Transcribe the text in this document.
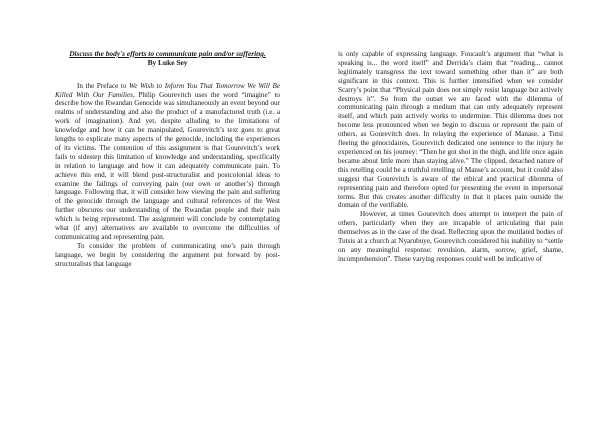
Discuss the body's efforts to communicate pain and/or suffering.
By Luke Sey

In the Preface to We Wish to Inform You That Tomorrow We Will Be Killed With Our Families, Philip Gourevitch uses the word “imagine” to describe how the Rwandan Genocide was simultaneously an event beyond our realms of understanding and also the product of a manufactured truth (i.e. a work of imagination). And yet, despite alluding to the limitations of knowledge and how it can be manipulated, Gourevitch’s text goes to great lengths to explicate many aspects of the genocide, including the experiences of its victims. The contention of this assignment is that Gourevitch’s work fails to sidestep this limitation of knowledge and understanding, specifically in relation to language and how it can adequately communicate pain. To achieve this end, it will blend post-structuralist and postcolonial ideas to examine the failings of conveying pain (our own or another’s) through language. Following that, it will consider how viewing the pain and suffering of the genocide through the language and cultural references of the West further obscures our understanding of the Rwandan people and their pain which is being represented. The assignment will conclude by contemplating what (if any) alternatives are available to overcome the difficulties of communicating and representing pain.

To consider the problem of communicating one’s pain through language, we begin by considering the argument put forward by post-structuralists that language

is only capable of expressing language. Foucault’s argument that “what is speaking is... the word itself” and Derrida’s claim that “reading... cannot legitimately transgress the text toward something other than it” are both significant in this context. This is further intensified when we consider Scarry’s point that “Physical pain does not simply resist language but actively destroys it”. So from the outset we are faced with the dilemma of communicating pain through a medium that can only adequately represent itself, and which pain actively works to undermine. This dilemma does not become less pronounced when we begin to discuss or represent the pain of others, as Gourevitch does. In relaying the experience of Manase, a Tutsi fleeing the génocidaires, Gourevitch dedicated one sentence to the injury he experienced on his journey: “Then he got shot in the thigh, and life once again became about little more than staying alive.” The clipped, detached nature of this retelling could be a truthful retelling of Manse’s account, but it could also suggest that Gourevitch is aware of the ethical and practical dilemma of representing pain and therefore opted for presenting the event in impersonal terms. But this creates another difficulty in that it places pain outside the domain of the verifiable.

However, at times Gourevitch does attempt to interpret the pain of others, particularly when they are incapable of articulating that pain themselves as in the case of the dead. Reflecting upon the mutilated bodies of Tutsis at a church at Nyarubuye, Gourevitch considered his inability to “settle on any meaningful response: revulsion, alarm, sorrow, grief, shame, incomprehension”. These varying responses could well be indicative of
